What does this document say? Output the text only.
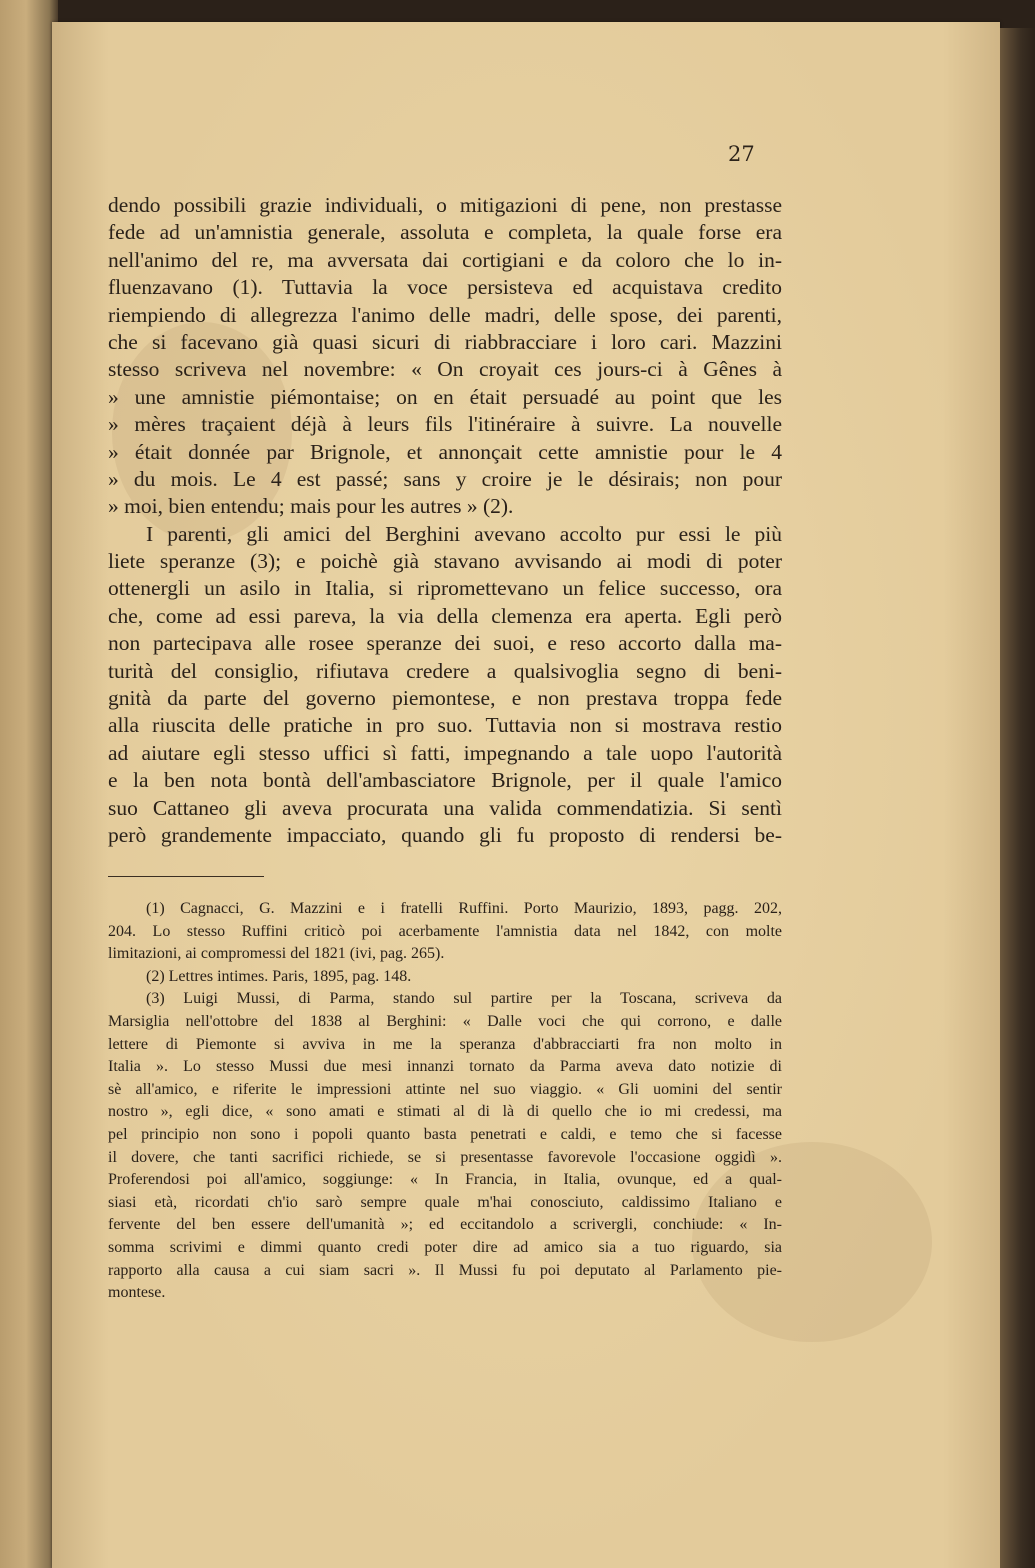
27
dendo possibili grazie individuali, o mitigazioni di pene, non prestasse
fede ad un'amnistia generale, assoluta e completa, la quale forse era
nell'animo del re, ma avversata dai cortigiani e da coloro che lo in-
fluenzavano (1). Tuttavia la voce persisteva ed acquistava credito
riempiendo di allegrezza l'animo delle madri, delle spose, dei parenti,
che si facevano già quasi sicuri di riabbracciare i loro cari. Mazzini
stesso scriveva nel novembre: « On croyait ces jours-ci à Gênes à
» une amnistie piémontaise; on en était persuadé au point que les
» mères traçaient déjà à leurs fils l'itinéraire à suivre. La nouvelle
» était donnée par Brignole, et annonçait cette amnistie pour le 4
» du mois. Le 4 est passé; sans y croire je le désirais; non pour
» moi, bien entendu; mais pour les autres » (2).
I parenti, gli amici del Berghini avevano accolto pur essi le più
liete speranze (3); e poichè già stavano avvisando ai modi di poter
ottenergli un asilo in Italia, si ripromettevano un felice successo, ora
che, come ad essi pareva, la via della clemenza era aperta. Egli però
non partecipava alle rosee speranze dei suoi, e reso accorto dalla ma-
turità del consiglio, rifiutava credere a qualsivoglia segno di beni-
gnità da parte del governo piemontese, e non prestava troppa fede
alla riuscita delle pratiche in pro suo. Tuttavia non si mostrava restio
ad aiutare egli stesso uffici sì fatti, impegnando a tale uopo l'autorità
e la ben nota bontà dell'ambasciatore Brignole, per il quale l'amico
suo Cattaneo gli aveva procurata una valida commendatizia. Si sentì
però grandemente impacciato, quando gli fu proposto di rendersi be-
(1) Cagnacci, G. Mazzini e i fratelli Ruffini. Porto Maurizio, 1893, pagg. 202,
204. Lo stesso Ruffini criticò poi acerbamente l'amnistia data nel 1842, con molte
limitazioni, ai compromessi del 1821 (ivi, pag. 265).
(2) Lettres intimes. Paris, 1895, pag. 148.
(3) Luigi Mussi, di Parma, stando sul partire per la Toscana, scriveva da
Marsiglia nell'ottobre del 1838 al Berghini: « Dalle voci che qui corrono, e dalle
lettere di Piemonte si avviva in me la speranza d'abbracciarti fra non molto in
Italia ». Lo stesso Mussi due mesi innanzi tornato da Parma aveva dato notizie di
sè all'amico, e riferite le impressioni attinte nel suo viaggio. « Gli uomini del sentir
nostro », egli dice, « sono amati e stimati al di là di quello che io mi credessi, ma
pel principio non sono i popoli quanto basta penetrati e caldi, e temo che si facesse
il dovere, che tanti sacrifici richiede, se si presentasse favorevole l'occasione oggidì ».
Proferendosi poi all'amico, soggiunge: « In Francia, in Italia, ovunque, ed a qual-
siasi età, ricordati ch'io sarò sempre quale m'hai conosciuto, caldissimo Italiano e
fervente del ben essere dell'umanità »; ed eccitandolo a scrivergli, conchiude: « In-
somma scrivimi e dimmi quanto credi poter dire ad amico sia a tuo riguardo, sia
rapporto alla causa a cui siam sacri ». Il Mussi fu poi deputato al Parlamento pie-
montese.
